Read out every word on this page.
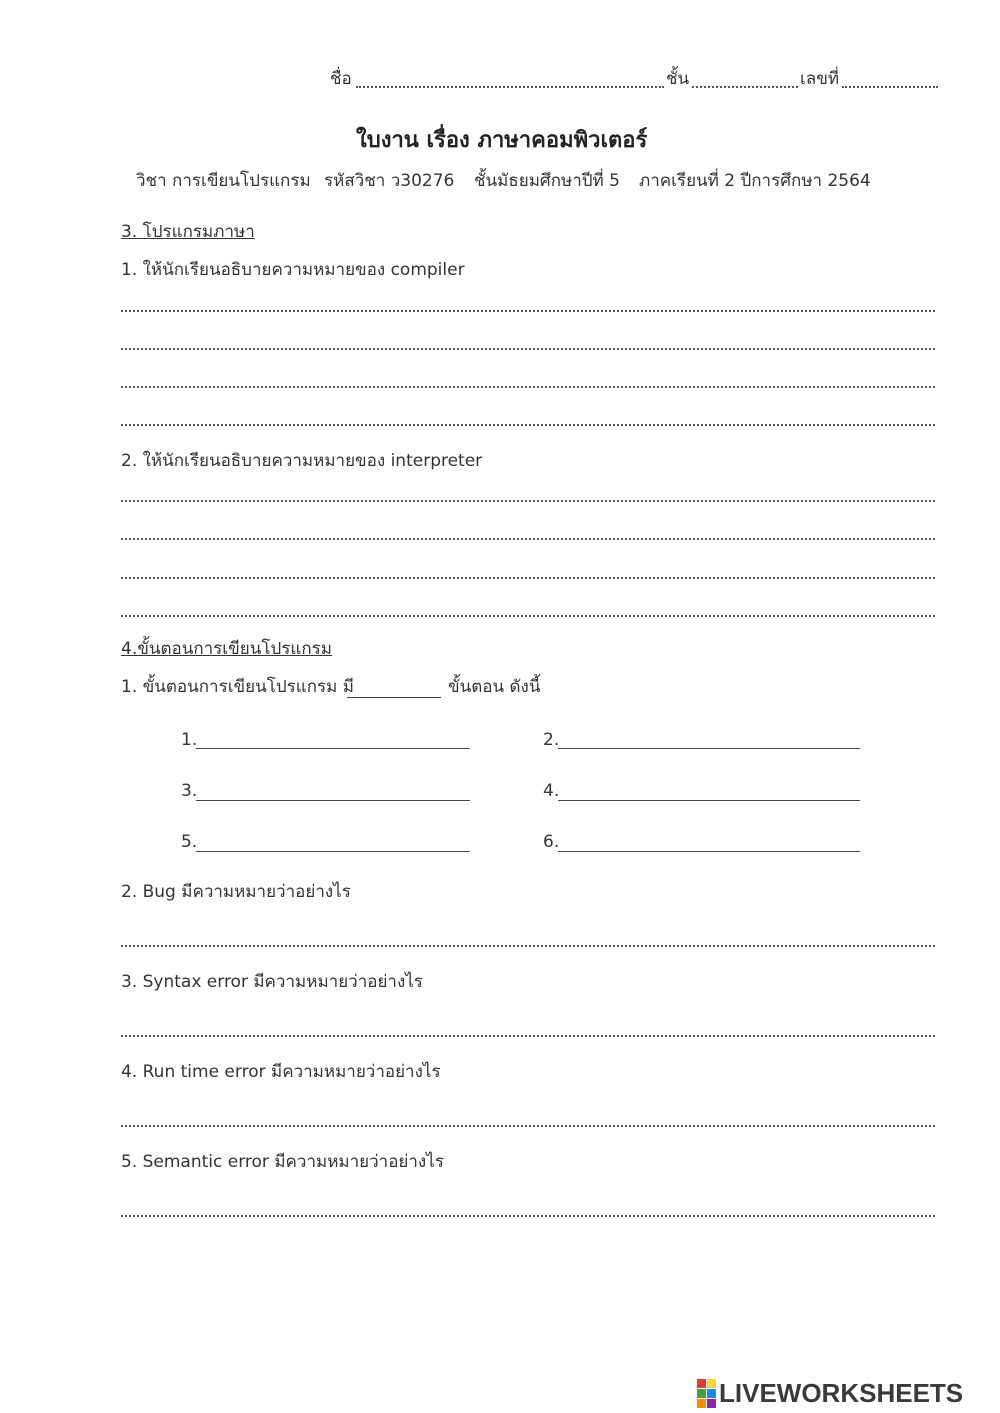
ชื่อ	ชั้น	เลขที่
ใบงาน เรื่อง ภาษาคอมพิวเตอร์
วิชา การเขียนโปรแกรม รหัสวิชา ว30276 ชั้นมัธยมศึกษาปีที่ 5 ภาคเรียนที่ 2 ปีการศึกษา 2564
3. โปรแกรมภาษา
1. ให้นักเรียนอธิบายความหมายของ compiler
2. ให้นักเรียนอธิบายความหมายของ interpreter
4.ขั้นตอนการเขียนโปรแกรม
1. ขั้นตอนการเขียนโปรแกรม มี	ขั้นตอน ดังนี้
1.	2.
3.	4.
5.	6.
2. Bug มีความหมายว่าอย่างไร
3. Syntax error มีความหมายว่าอย่างไร
4. Run time error มีความหมายว่าอย่างไร
5. Semantic error มีความหมายว่าอย่างไร
LIVEWORKSHEETS
